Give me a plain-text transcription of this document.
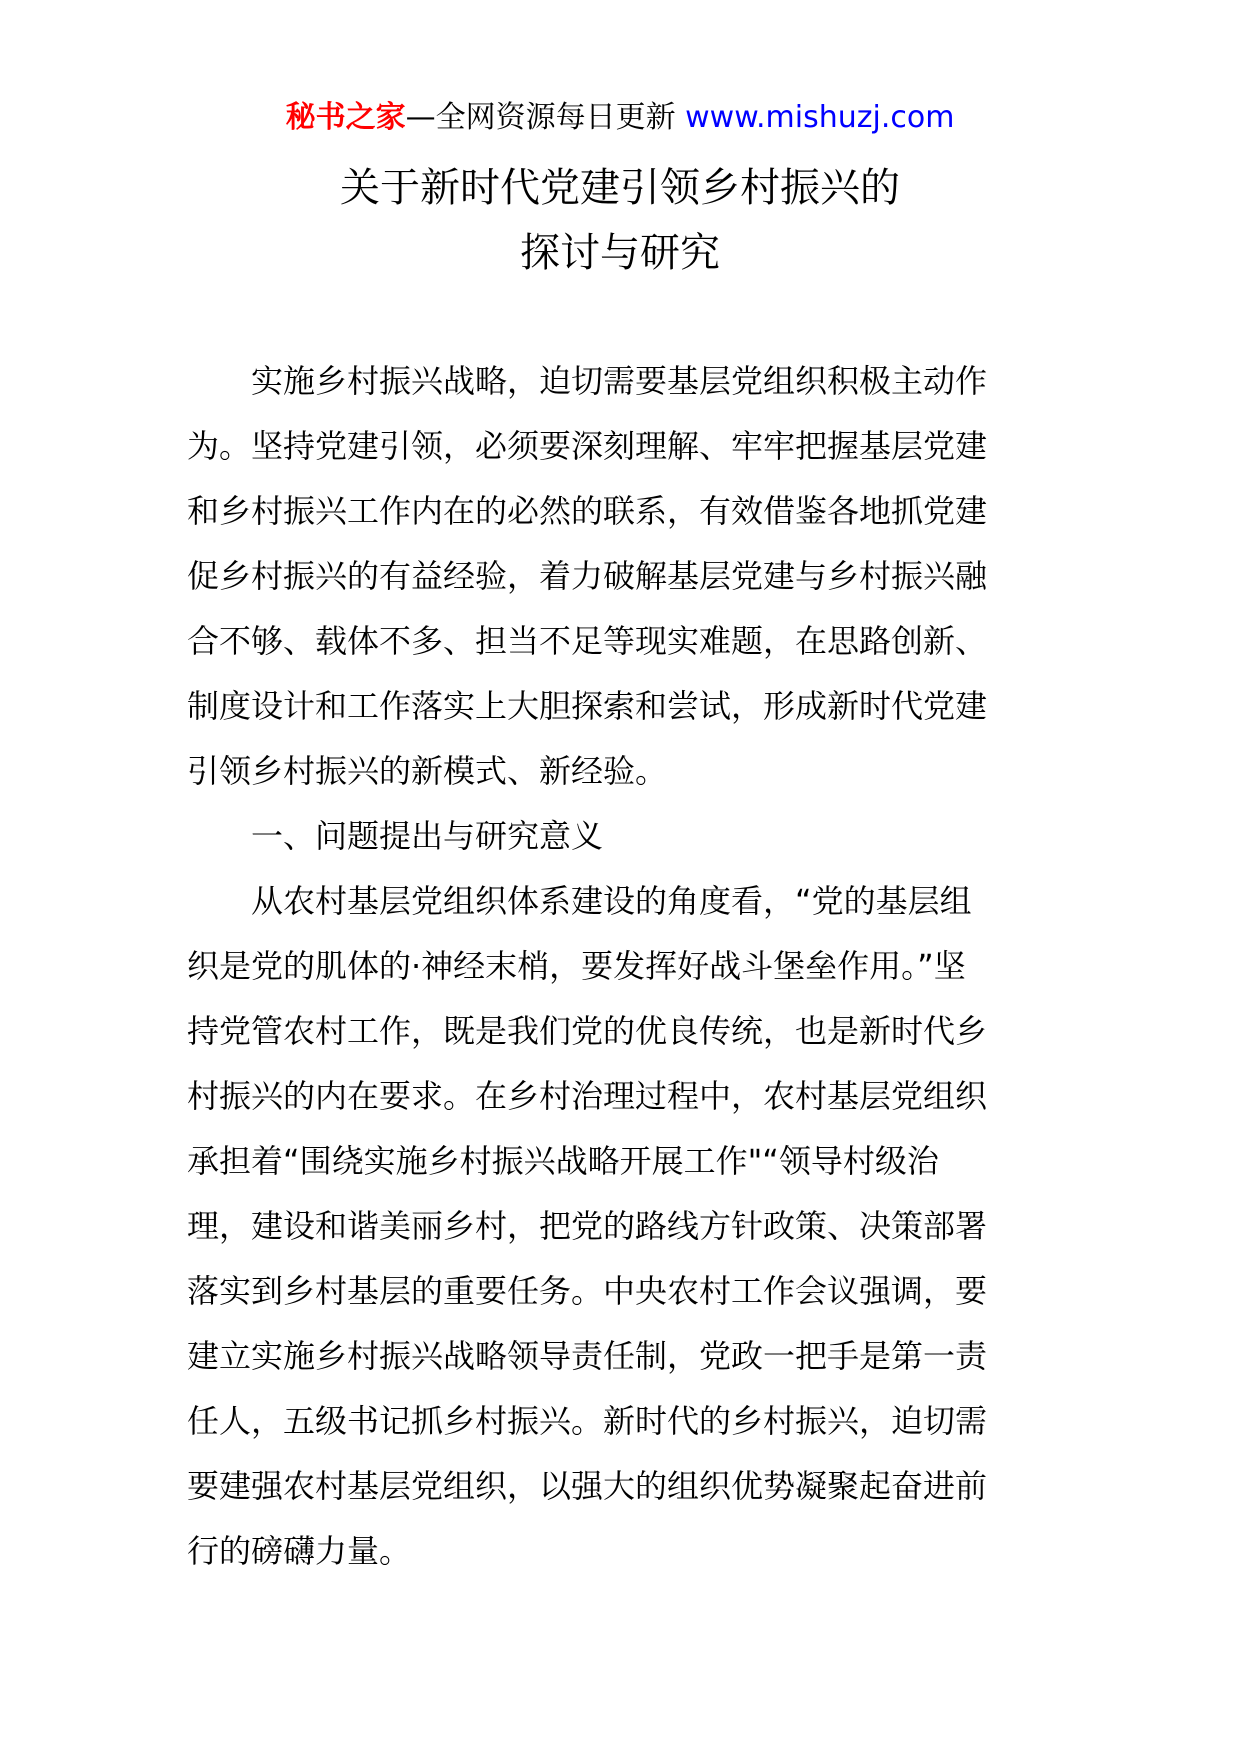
秘书之家—全网资源每日更新 www.mishuzj.com
关于新时代党建引领乡村振兴的
探讨与研究
实施乡村振兴战略，迫切需要基层党组织积极主动作
为。坚持党建引领，必须要深刻理解、牢牢把握基层党建
和乡村振兴工作内在的必然的联系，有效借鉴各地抓党建
促乡村振兴的有益经验，着力破解基层党建与乡村振兴融
合不够、载体不多、担当不足等现实难题，在思路创新、
制度设计和工作落实上大胆探索和尝试，形成新时代党建
引领乡村振兴的新模式、新经验。
一、问题提出与研究意义
从农村基层党组织体系建设的角度看，“党的基层组
织是党的肌体的·神经末梢，要发挥好战斗堡垒作用。”坚
持党管农村工作，既是我们党的优良传统，也是新时代乡
村振兴的内在要求。在乡村治理过程中，农村基层党组织
承担着“围绕实施乡村振兴战略开展工作"“领导村级治
理，建设和谐美丽乡村，把党的路线方针政策、决策部署
落实到乡村基层的重要任务。中央农村工作会议强调，要
建立实施乡村振兴战略领导责任制，党政一把手是第一责
任人，五级书记抓乡村振兴。新时代的乡村振兴，迫切需
要建强农村基层党组织，以强大的组织优势凝聚起奋进前
行的磅礴力量。
